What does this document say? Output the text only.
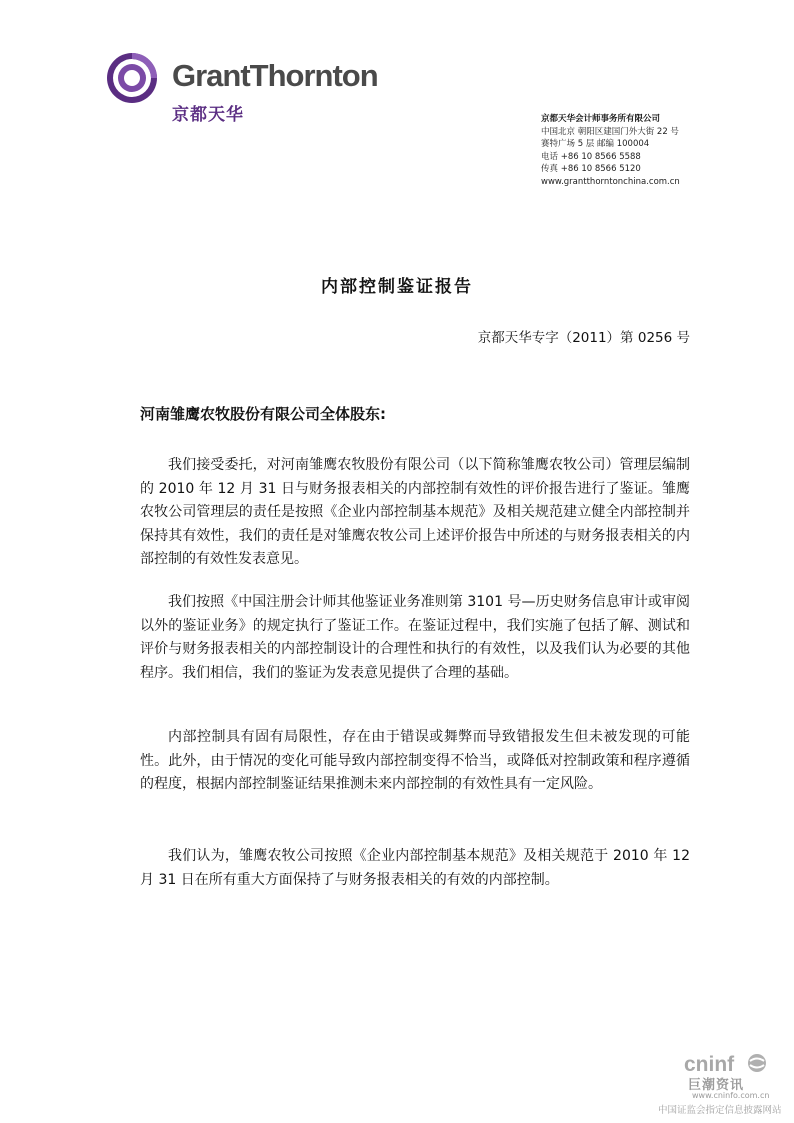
GrantThornton
京都天华	京都天华会计师事务所有限公司
中国北京 朝阳区建国门外大街 22 号
赛特广场 5 层 邮编 100004
电话 +86 10 8566 5588
传真 +86 10 8566 5120
www.grantthorntonchina.com.cn
内部控制鉴证报告
京都天华专字（2011）第 0256 号
河南雏鹰农牧股份有限公司全体股东:
我们接受委托，对河南雏鹰农牧股份有限公司（以下简称雏鹰农牧公司）管理层编制的 2010 年 12 月 31 日与财务报表相关的内部控制有效性的评价报告进行了鉴证。雏鹰农牧公司管理层的责任是按照《企业内部控制基本规范》及相关规范建立健全内部控制并保持其有效性，我们的责任是对雏鹰农牧公司上述评价报告中所述的与财务报表相关的内部控制的有效性发表意见。
我们按照《中国注册会计师其他鉴证业务准则第 3101 号—历史财务信息审计或审阅以外的鉴证业务》的规定执行了鉴证工作。在鉴证过程中，我们实施了包括了解、测试和评价与财务报表相关的内部控制设计的合理性和执行的有效性，以及我们认为必要的其他程序。我们相信，我们的鉴证为发表意见提供了合理的基础。
内部控制具有固有局限性，存在由于错误或舞弊而导致错报发生但未被发现的可能性。此外，由于情况的变化可能导致内部控制变得不恰当，或降低对控制政策和程序遵循的程度，根据内部控制鉴证结果推测未来内部控制的有效性具有一定风险。
我们认为，雏鹰农牧公司按照《企业内部控制基本规范》及相关规范于 2010 年 12 月 31 日在所有重大方面保持了与财务报表相关的有效的内部控制。
cninf
巨潮资讯
www.cninfo.com.cn
中国证监会指定信息披露网站
